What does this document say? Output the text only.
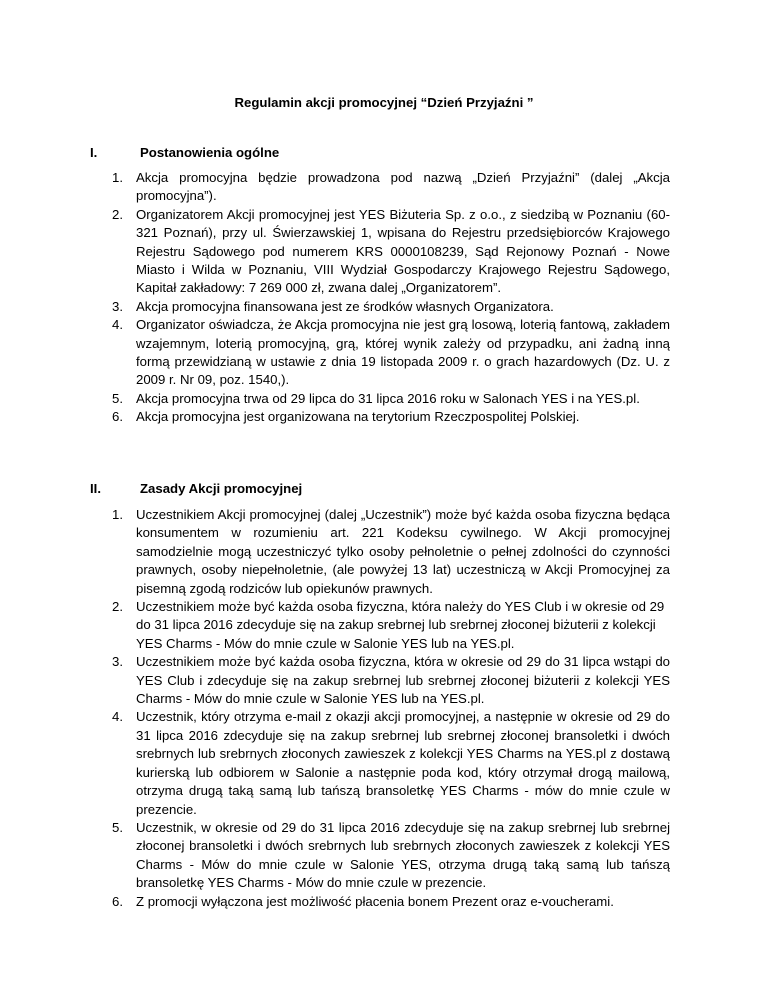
Regulamin akcji promocyjnej “Dzień Przyjaźni ”
I.	Postanowienia ogólne
1. Akcja promocyjna będzie prowadzona pod nazwą „Dzień Przyjaźni” (dalej „Akcja promocyjna”).
2. Organizatorem Akcji promocyjnej jest YES Biżuteria Sp. z o.o., z siedzibą w Poznaniu (60-321 Poznań), przy ul. Świerzawskiej 1, wpisana do Rejestru przedsiębiorców Krajowego Rejestru Sądowego pod numerem KRS 0000108239, Sąd Rejonowy Poznań - Nowe Miasto i Wilda w Poznaniu, VIII Wydział Gospodarczy Krajowego Rejestru Sądowego, Kapitał zakładowy: 7 269 000 zł, zwana dalej „Organizatorem”.
3. Akcja promocyjna finansowana jest ze środków własnych Organizatora.
4. Organizator oświadcza, że Akcja promocyjna nie jest grą losową, loterią fantową, zakładem wzajemnym, loterią promocyjną, grą, której wynik zależy od przypadku, ani żadną inną formą przewidzianą w ustawie z dnia 19 listopada 2009 r. o grach hazardowych (Dz. U. z 2009 r. Nr 09, poz. 1540,).
5. Akcja promocyjna trwa od 29 lipca do 31 lipca 2016 roku w Salonach YES i na YES.pl.
6. Akcja promocyjna jest organizowana na terytorium Rzeczpospolitej Polskiej.
II.	Zasady Akcji promocyjnej
1. Uczestnikiem Akcji promocyjnej (dalej „Uczestnik”) może być każda osoba fizyczna będąca konsumentem w rozumieniu art. 221 Kodeksu cywilnego. W Akcji promocyjnej samodzielnie mogą uczestniczyć tylko osoby pełnoletnie o pełnej zdolności do czynności prawnych, osoby niepełnoletnie, (ale powyżej 13 lat) uczestniczą w Akcji Promocyjnej za pisemną zgodą rodziców lub opiekunów prawnych.
2. Uczestnikiem może być każda osoba fizyczna, która należy do YES Club i w okresie od 29 do 31 lipca 2016 zdecyduje się na zakup srebrnej lub srebrnej złoconej biżuterii z kolekcji YES Charms - Mów do mnie czule w Salonie YES lub na YES.pl.
3. Uczestnikiem może być każda osoba fizyczna, która w okresie od 29 do 31 lipca wstąpi do YES Club i zdecyduje się na zakup srebrnej lub srebrnej złoconej biżuterii z kolekcji YES Charms - Mów do mnie czule w Salonie YES lub na YES.pl.
4. Uczestnik, który otrzyma e-mail z okazji akcji promocyjnej, a następnie w okresie od 29 do 31 lipca 2016 zdecyduje się na zakup srebrnej lub srebrnej złoconej bransoletki i dwóch srebrnych lub srebrnych złoconych zawieszek z kolekcji YES Charms na YES.pl z dostawą kurierską lub odbiorem w Salonie a następnie poda kod, który otrzymał drogą mailową, otrzyma drugą taką samą lub tańszą bransoletkę YES Charms - mów do mnie czule w prezencie.
5. Uczestnik, w okresie od 29 do 31 lipca 2016 zdecyduje się na zakup srebrnej lub srebrnej złoconej bransoletki i dwóch srebrnych lub srebrnych złoconych zawieszek z kolekcji YES Charms - Mów do mnie czule w Salonie YES, otrzyma drugą taką samą lub tańszą bransoletkę YES Charms - Mów do mnie czule w prezencie.
6. Z promocji wyłączona jest możliwość płacenia bonem Prezent oraz e-voucherami.
